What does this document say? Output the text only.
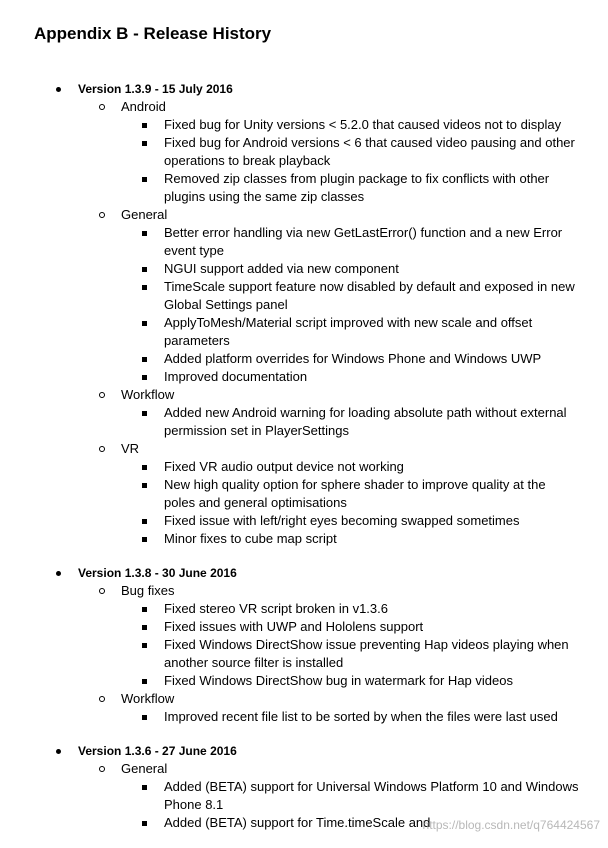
Appendix B - Release History
Version 1.3.9 - 15 July 2016
Android
Fixed bug for Unity versions < 5.2.0 that caused videos not to display
Fixed bug for Android versions < 6 that caused video pausing and other operations to break playback
Removed zip classes from plugin package to fix conflicts with other plugins using the same zip classes
General
Better error handling via new GetLastError() function and a new Error event type
NGUI support added via new component
TimeScale support feature now disabled by default and exposed in new Global Settings panel
ApplyToMesh/Material script improved with new scale and offset parameters
Added platform overrides for Windows Phone and Windows UWP
Improved documentation
Workflow
Added new Android warning for loading absolute path without external permission set in PlayerSettings
VR
Fixed VR audio output device not working
New high quality option for sphere shader to improve quality at the poles and general optimisations
Fixed issue with left/right eyes becoming swapped sometimes
Minor fixes to cube map script
Version 1.3.8 - 30 June 2016
Bug fixes
Fixed stereo VR script broken in v1.3.6
Fixed issues with UWP and Hololens support
Fixed Windows DirectShow issue preventing Hap videos playing when another source filter is installed
Fixed Windows DirectShow bug in watermark for Hap videos
Workflow
Improved recent file list to be sorted by when the files were last used
Version 1.3.6 - 27 June 2016
General
Added (BETA) support for Universal Windows Platform 10 and Windows Phone 8.1
Added (BETA) support for Time.timeScale and
https://blog.csdn.net/q764424567
